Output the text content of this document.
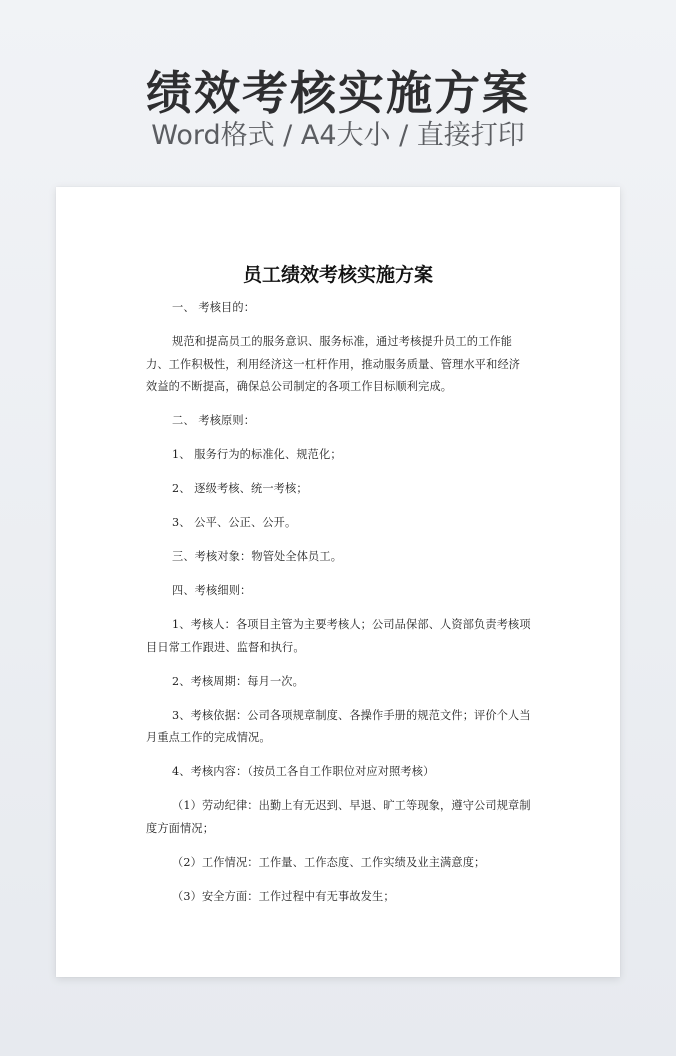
绩效考核实施方案
Word格式 / A4大小 / 直接打印
员工绩效考核实施方案

一、 考核目的：

规范和提高员工的服务意识、服务标准，通过考核提升员工的工作能力、工作积极性，利用经济这一杠杆作用，推动服务质量、管理水平和经济效益的不断提高，确保总公司制定的各项工作目标顺利完成。

二、 考核原则：

1、 服务行为的标准化、规范化；

2、 逐级考核、统一考核；

3、 公平、公正、公开。

三、考核对象：物管处全体员工。

四、考核细则：

1、考核人：各项目主管为主要考核人；公司品保部、人资部负责考核项目日常工作跟进、监督和执行。

2、考核周期：每月一次。

3、考核依据：公司各项规章制度、各操作手册的规范文件；评价个人当月重点工作的完成情况。

4、考核内容：（按员工各自工作职位对应对照考核）

（1）劳动纪律：出勤上有无迟到、早退、旷工等现象，遵守公司规章制度方面情况；

（2）工作情况：工作量、工作态度、工作实绩及业主满意度；

（3）安全方面：工作过程中有无事故发生；
